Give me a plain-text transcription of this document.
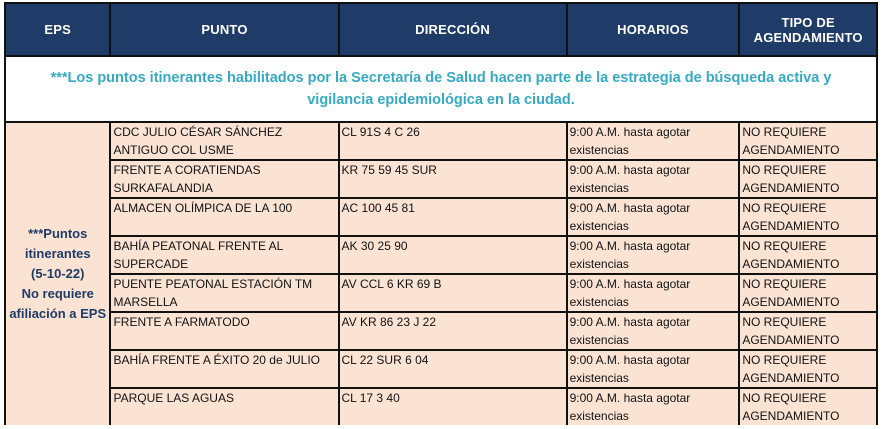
EPS	PUNTO	DIRECCIÓN	HORARIOS	TIPO DE AGENDAMIENTO
***Los puntos itinerantes habilitados por la Secretaría de Salud hacen parte de la estrategia de búsqueda activa y vigilancia epidemiológica en la ciudad.				

***Puntos
itinerantes
(5-10-22)
No requiere
afiliación a EPS	CDC JULIO CÉSAR SÁNCHEZ ANTIGUO COL USME	CL 91S 4 C 26	9:00 A.M. hasta agotar existencias	NO REQUIERE AGENDAMIENTO
	FRENTE A CORATIENDAS SURKAFALANDIA	KR 75 59 45 SUR	9:00 A.M. hasta agotar existencias	NO REQUIERE AGENDAMIENTO
	ALMACEN OLÍMPICA DE LA 100	AC 100 45 81	9:00 A.M. hasta agotar existencias	NO REQUIERE AGENDAMIENTO
	BAHÍA PEATONAL FRENTE AL SUPERCADE	AK 30 25 90	9:00 A.M. hasta agotar existencias	NO REQUIERE AGENDAMIENTO
	PUENTE PEATONAL ESTACIÓN TM MARSELLA	AV CCL 6 KR 69 B	9:00 A.M. hasta agotar existencias	NO REQUIERE AGENDAMIENTO
	FRENTE A FARMATODO	AV KR 86 23 J 22	9:00 A.M. hasta agotar existencias	NO REQUIERE AGENDAMIENTO
	BAHÍA FRENTE A ÉXITO 20 de JULIO	CL 22 SUR 6 04	9:00 A.M. hasta agotar existencias	NO REQUIERE AGENDAMIENTO
	PARQUE LAS AGUAS	CL 17 3 40	9:00 A.M. hasta agotar existencias	NO REQUIERE AGENDAMIENTO
